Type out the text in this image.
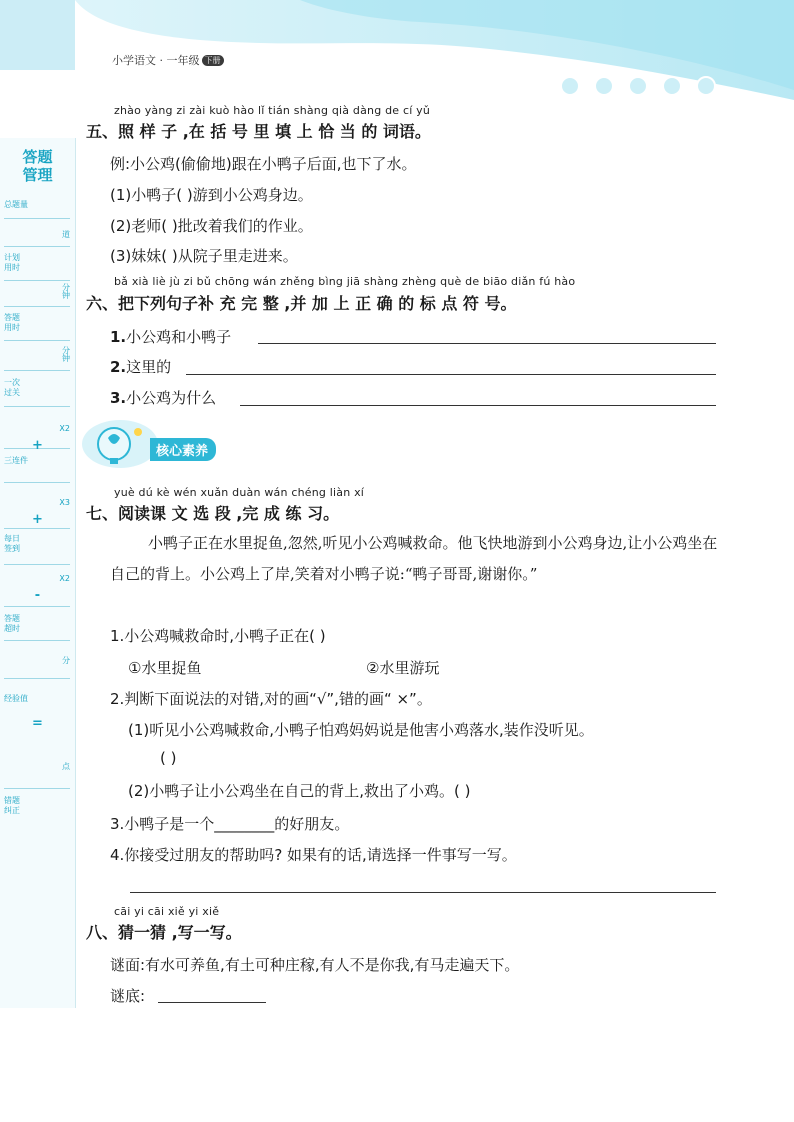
小学语文 · 一年级 下册
答题
管理
总题量
道
计划
用时
分
钟
答题
用时
分
钟
一次
过关
X2
三连件
X3
每日
签到
X2
答题
超时
分
经验值
点
错题
纠正
+
+
-
=
zhào yàng zi zài kuò hào lǐ tián shàng qià dàng de cí yǔ
五、照 样 子 ,在 括 号 里 填 上 恰 当 的 词语。
例:小公鸡(偷偷地)跟在小鸭子后面,也下了水。
(1)小鸭子( )游到小公鸡身边。
(2)老师( )批改着我们的作业。
(3)妹妹( )从院子里走进来。
bǎ xià liè jù zi bǔ chōng wán zhěng bìng jiā shàng zhèng què de biāo diǎn fú hào
六、把下列句子补 充 完 整 ,并 加 上 正 确 的 标 点 符 号。
1.小公鸡和小鸭子
2.这里的
3.小公鸡为什么
核心素养
yuè dú kè wén xuǎn duàn wán chéng liàn xí
七、阅读课 文 选 段 ,完 成 练 习。
小鸭子正在水里捉鱼,忽然,听见小公鸡喊救命。他飞快地游到小公鸡身边,让小公鸡坐在自己的背上。小公鸡上了岸,笑着对小鸭子说:“鸭子哥哥,谢谢你。”
1.小公鸡喊救命时,小鸭子正在( )
①水里捉鱼	②水里游玩
2.判断下面说法的对错,对的画“√”,错的画“ ×”。
(1)听见小公鸡喊救命,小鸭子怕鸡妈妈说是他害小鸡落水,装作没听见。
( )
(2)小鸭子让小公鸡坐在自己的背上,救出了小鸡。( )
3.小鸭子是一个________的好朋友。
4.你接受过朋友的帮助吗? 如果有的话,请选择一件事写一写。
cāi yi cāi xiě yi xiě
八、猜一猜 ,写一写。
谜面:有水可养鱼,有土可种庄稼,有人不是你我,有马走遍天下。
谜底:
